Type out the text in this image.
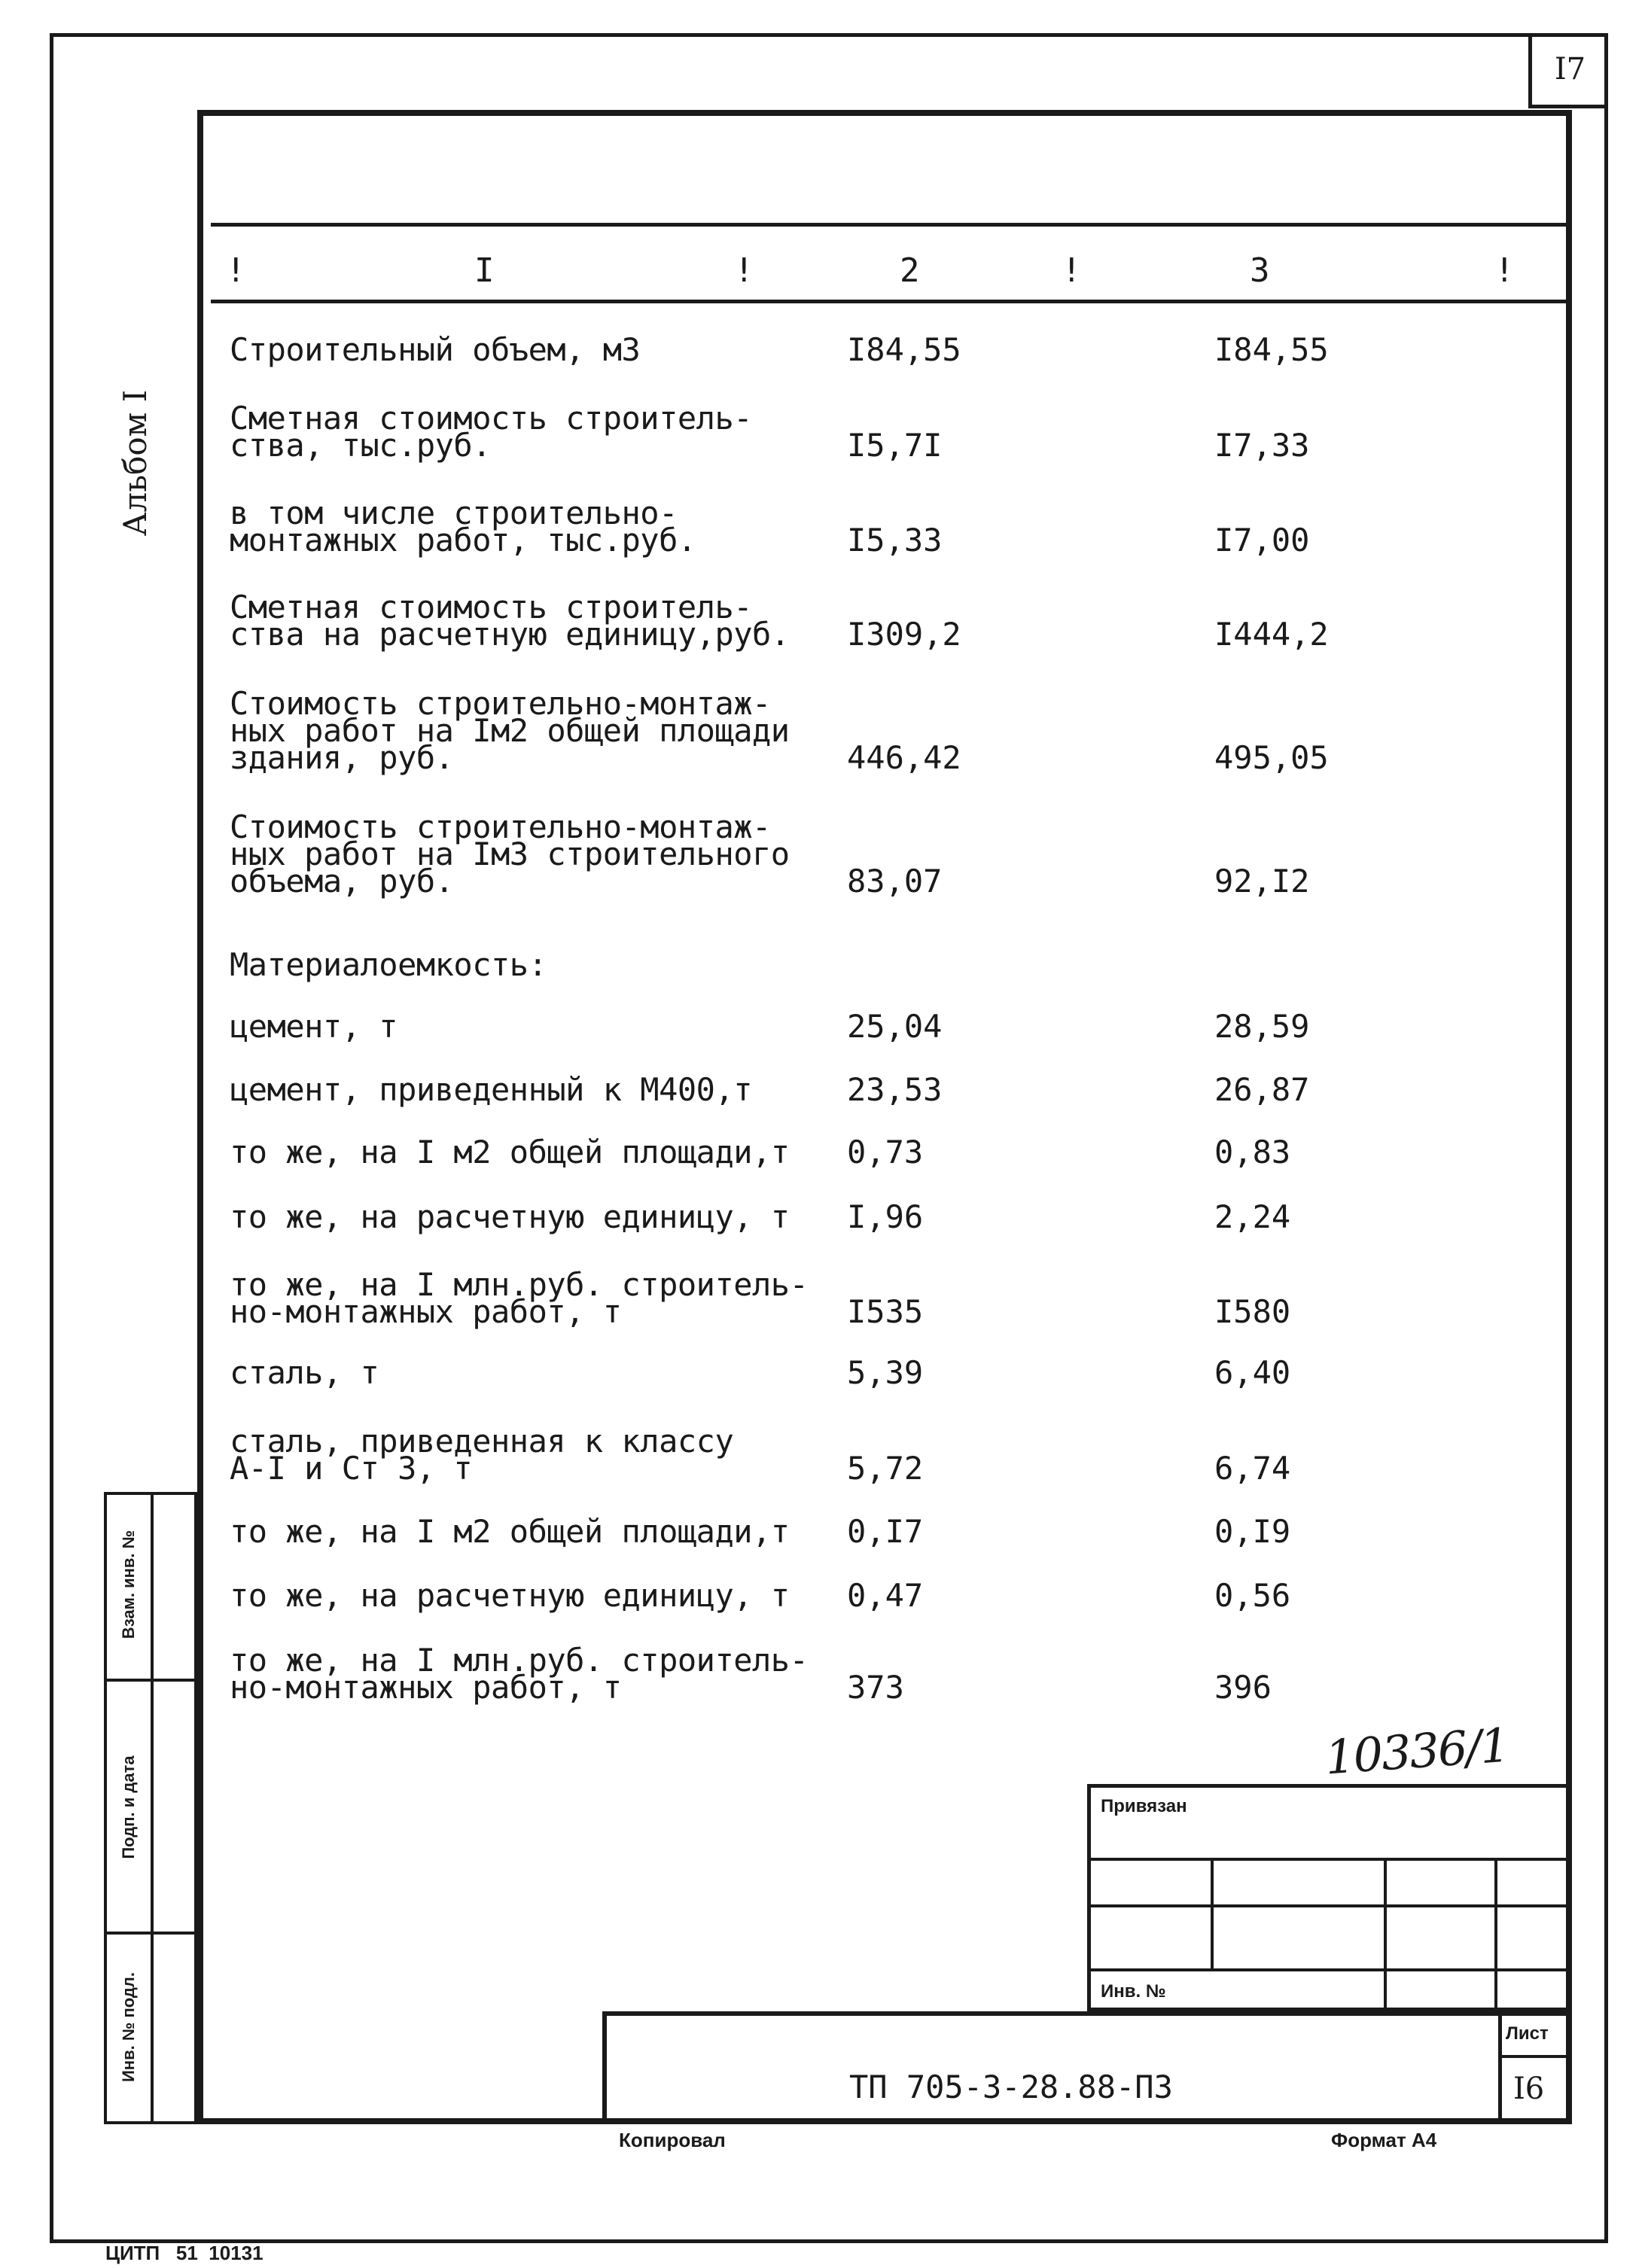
I7
Альбом I
!	I	!	2	!	3	!
Строительный объем, м3	I84,55	I84,55
Сметная стоимость строитель-
ства, тыс.руб.	I5,7I	I7,33
в том числе строительно-
монтажных работ, тыс.руб.	I5,33	I7,00
Сметная стоимость строитель-
ства на расчетную единицу,руб. I309,2	I444,2
Стоимость строительно-монтаж-
ных работ на Iм2 общей площади
здания, руб.	446,42	495,05
Стоимость строительно-монтаж-
ных работ на Iм3 строительного
объема, руб.	83,07	92,I2
Материалоемкость:
цемент, т	25,04	28,59
цемент, приведенный к М400,т	23,53	26,87
то же, на I м2 общей площади,т 0,73	0,83
то же, на расчетную единицу, т I,96	2,24
то же, на I млн.руб. строитель-
но-монтажных работ, т	I535	I580
сталь, т	5,39	6,40
сталь, приведенная к классу
А-I и Ст 3, т	5,72	6,74
то же, на I м2 общей площади,т 0,I7	0,I9
то же, на расчетную единицу, т 0,47	0,56
то же, на I млн.руб. строитель-
но-монтажных работ, т	373	396
10336/1
Привязан
Инв. №
Лист
I6
ТП 705-3-28.88-ПЗ
Взам. инв. №
Подп. и дата
Инв. № подл.
Копировал	Формат А4
ЦИТП   51  10131
